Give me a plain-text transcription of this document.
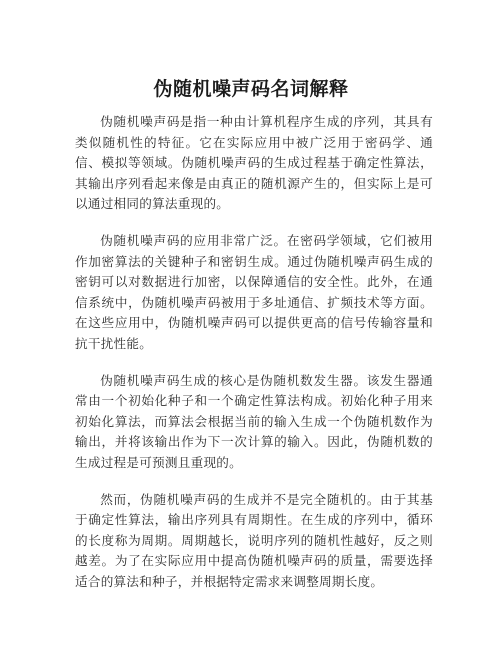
伪随机噪声码名词解释

伪随机噪声码是指一种由计算机程序生成的序列，其具有类似随机性的特征。它在实际应用中被广泛用于密码学、通信、模拟等领域。伪随机噪声码的生成过程基于确定性算法，其输出序列看起来像是由真正的随机源产生的，但实际上是可以通过相同的算法重现的。

伪随机噪声码的应用非常广泛。在密码学领域，它们被用作加密算法的关键种子和密钥生成。通过伪随机噪声码生成的密钥可以对数据进行加密，以保障通信的安全性。此外，在通信系统中，伪随机噪声码被用于多址通信、扩频技术等方面。在这些应用中，伪随机噪声码可以提供更高的信号传输容量和抗干扰性能。

伪随机噪声码生成的核心是伪随机数发生器。该发生器通常由一个初始化种子和一个确定性算法构成。初始化种子用来初始化算法，而算法会根据当前的输入生成一个伪随机数作为输出，并将该输出作为下一次计算的输入。因此，伪随机数的生成过程是可预测且重现的。

然而，伪随机噪声码的生成并不是完全随机的。由于其基于确定性算法，输出序列具有周期性。在生成的序列中，循环的长度称为周期。周期越长，说明序列的随机性越好，反之则越差。为了在实际应用中提高伪随机噪声码的质量，需要选择适合的算法和种子，并根据特定需求来调整周期长度。
